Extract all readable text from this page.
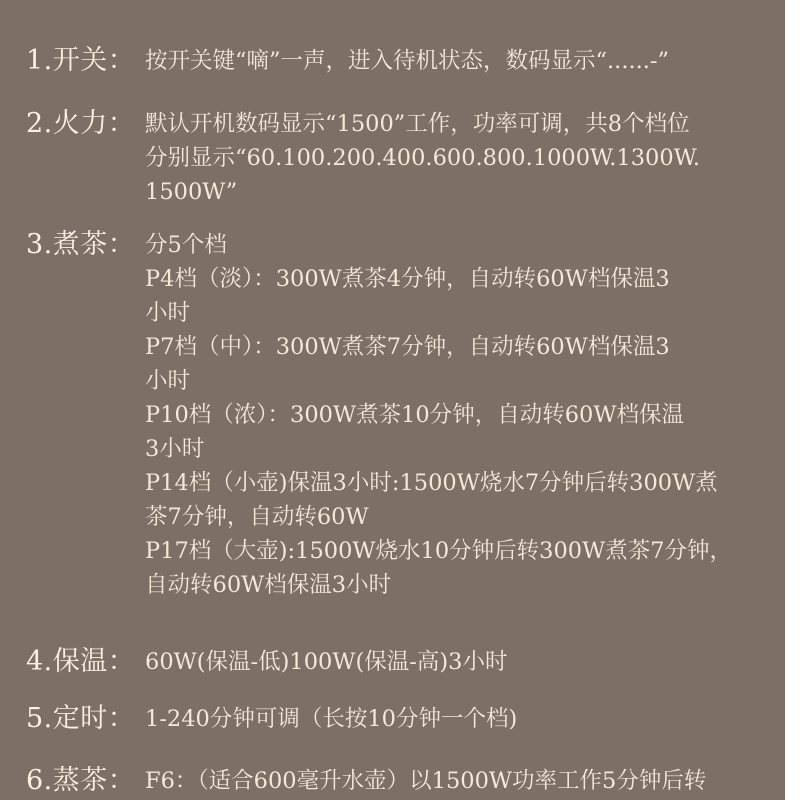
1.开关： 按开关键“嘀”一声，进入待机状态，数码显示“......-”
2.火力： 默认开机数码显示“1500”工作，功率可调，共8个档位
分别显示“60.100.200.400.600.800.1000W.1300W.
1500W”
3.煮茶： 分5个档
P4档（淡）：300W煮茶4分钟，自动转60W档保温3
小时
P7档（中）：300W煮茶7分钟，自动转60W档保温3
小时
P10档（浓）：300W煮茶10分钟，自动转60W档保温
3小时
P14档（小壶)保温3小时:1500W烧水7分钟后转300W煮
茶7分钟，自动转60W
P17档（大壶):1500W烧水10分钟后转300W煮茶7分钟，
自动转60W档保温3小时
4.保温： 60W(保温-低)100W(保温-高)3小时
5.定时： 1-240分钟可调（长按10分钟一个档)
6.蒸茶： F6：（适合600毫升水壶）以1500W功率工作5分钟后转
